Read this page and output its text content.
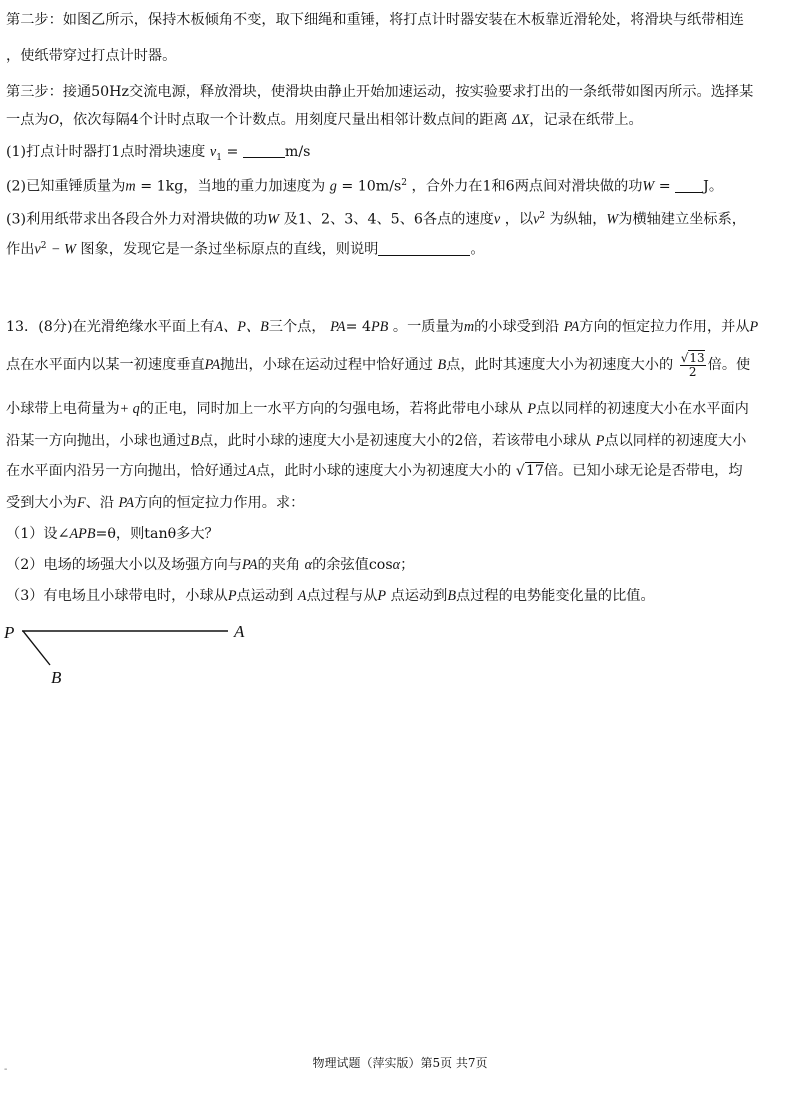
第二步：如图乙所示，保持木板倾角不变，取下细绳和重锤，将打点计时器安装在木板靠近滑轮处，将滑块与纸带相连
，使纸带穿过打点计时器。
第三步：接通50Hz交流电源，释放滑块，使滑块由静止开始加速运动，按实验要求打出的一条纸带如图丙所示。选择某
一点为O，依次每隔4个计时点取一个计数点。用刻度尺量出相邻计数点间的距离 ΔX，记录在纸带上。
(1)打点计时器打1点时滑块速度 $v_1$ =	m/s
(2)已知重锤质量为m = 1kg，当地的重力加速度为 $g = 10m/s^2$ ，合外力在1和6两点间对滑块做的功W = J。
(3)利用纸带求出各段合外力对滑块做的功W 及1、2、3、4、5、6各点的速度v ，以$v^2$ 为纵轴，W为横轴建立坐标系，
作出$v^2 - W$ 图象，发现它是一条过坐标原点的直线，则说明	。
13．(8分)在光滑绝缘水平面上有A、P、B三个点， PA= 4PB 。一质量为m的小球受到沿 PA方向的恒定拉力作用，并从P
点在水平面内以某一初速度垂直PA抛出，小球在运动过程中恰好通过 B点，此时其速度大小为初速度大小的 $\frac{√13}{2}$ 倍。使
小球带上电荷量为+ q的正电，同时加上一水平方向的匀强电场，若将此带电小球从 P点以同样的初速度大小在水平面内
沿某一方向抛出，小球也通过B点，此时小球的速度大小是初速度大小的2倍，若该带电小球从 P点以同样的初速度大小
在水平面内沿另一方向抛出，恰好通过A点，此时小球的速度大小为初速度大小的 √17倍。已知小球无论是否带电，均
受到大小为F、沿 PA方向的恒定拉力作用。求：
（1）设∠APB=θ，则tanθ多大？
（2）电场的场强大小以及场强方向与PA的夹角 α的余弦值cosα；
（3）有电场且小球带电时，小球从P点运动到 A点过程与从P 点运动到B点过程的电势能变化量的比值。
P	A
B
-	物理试题（萍实版）第5页 共7页
